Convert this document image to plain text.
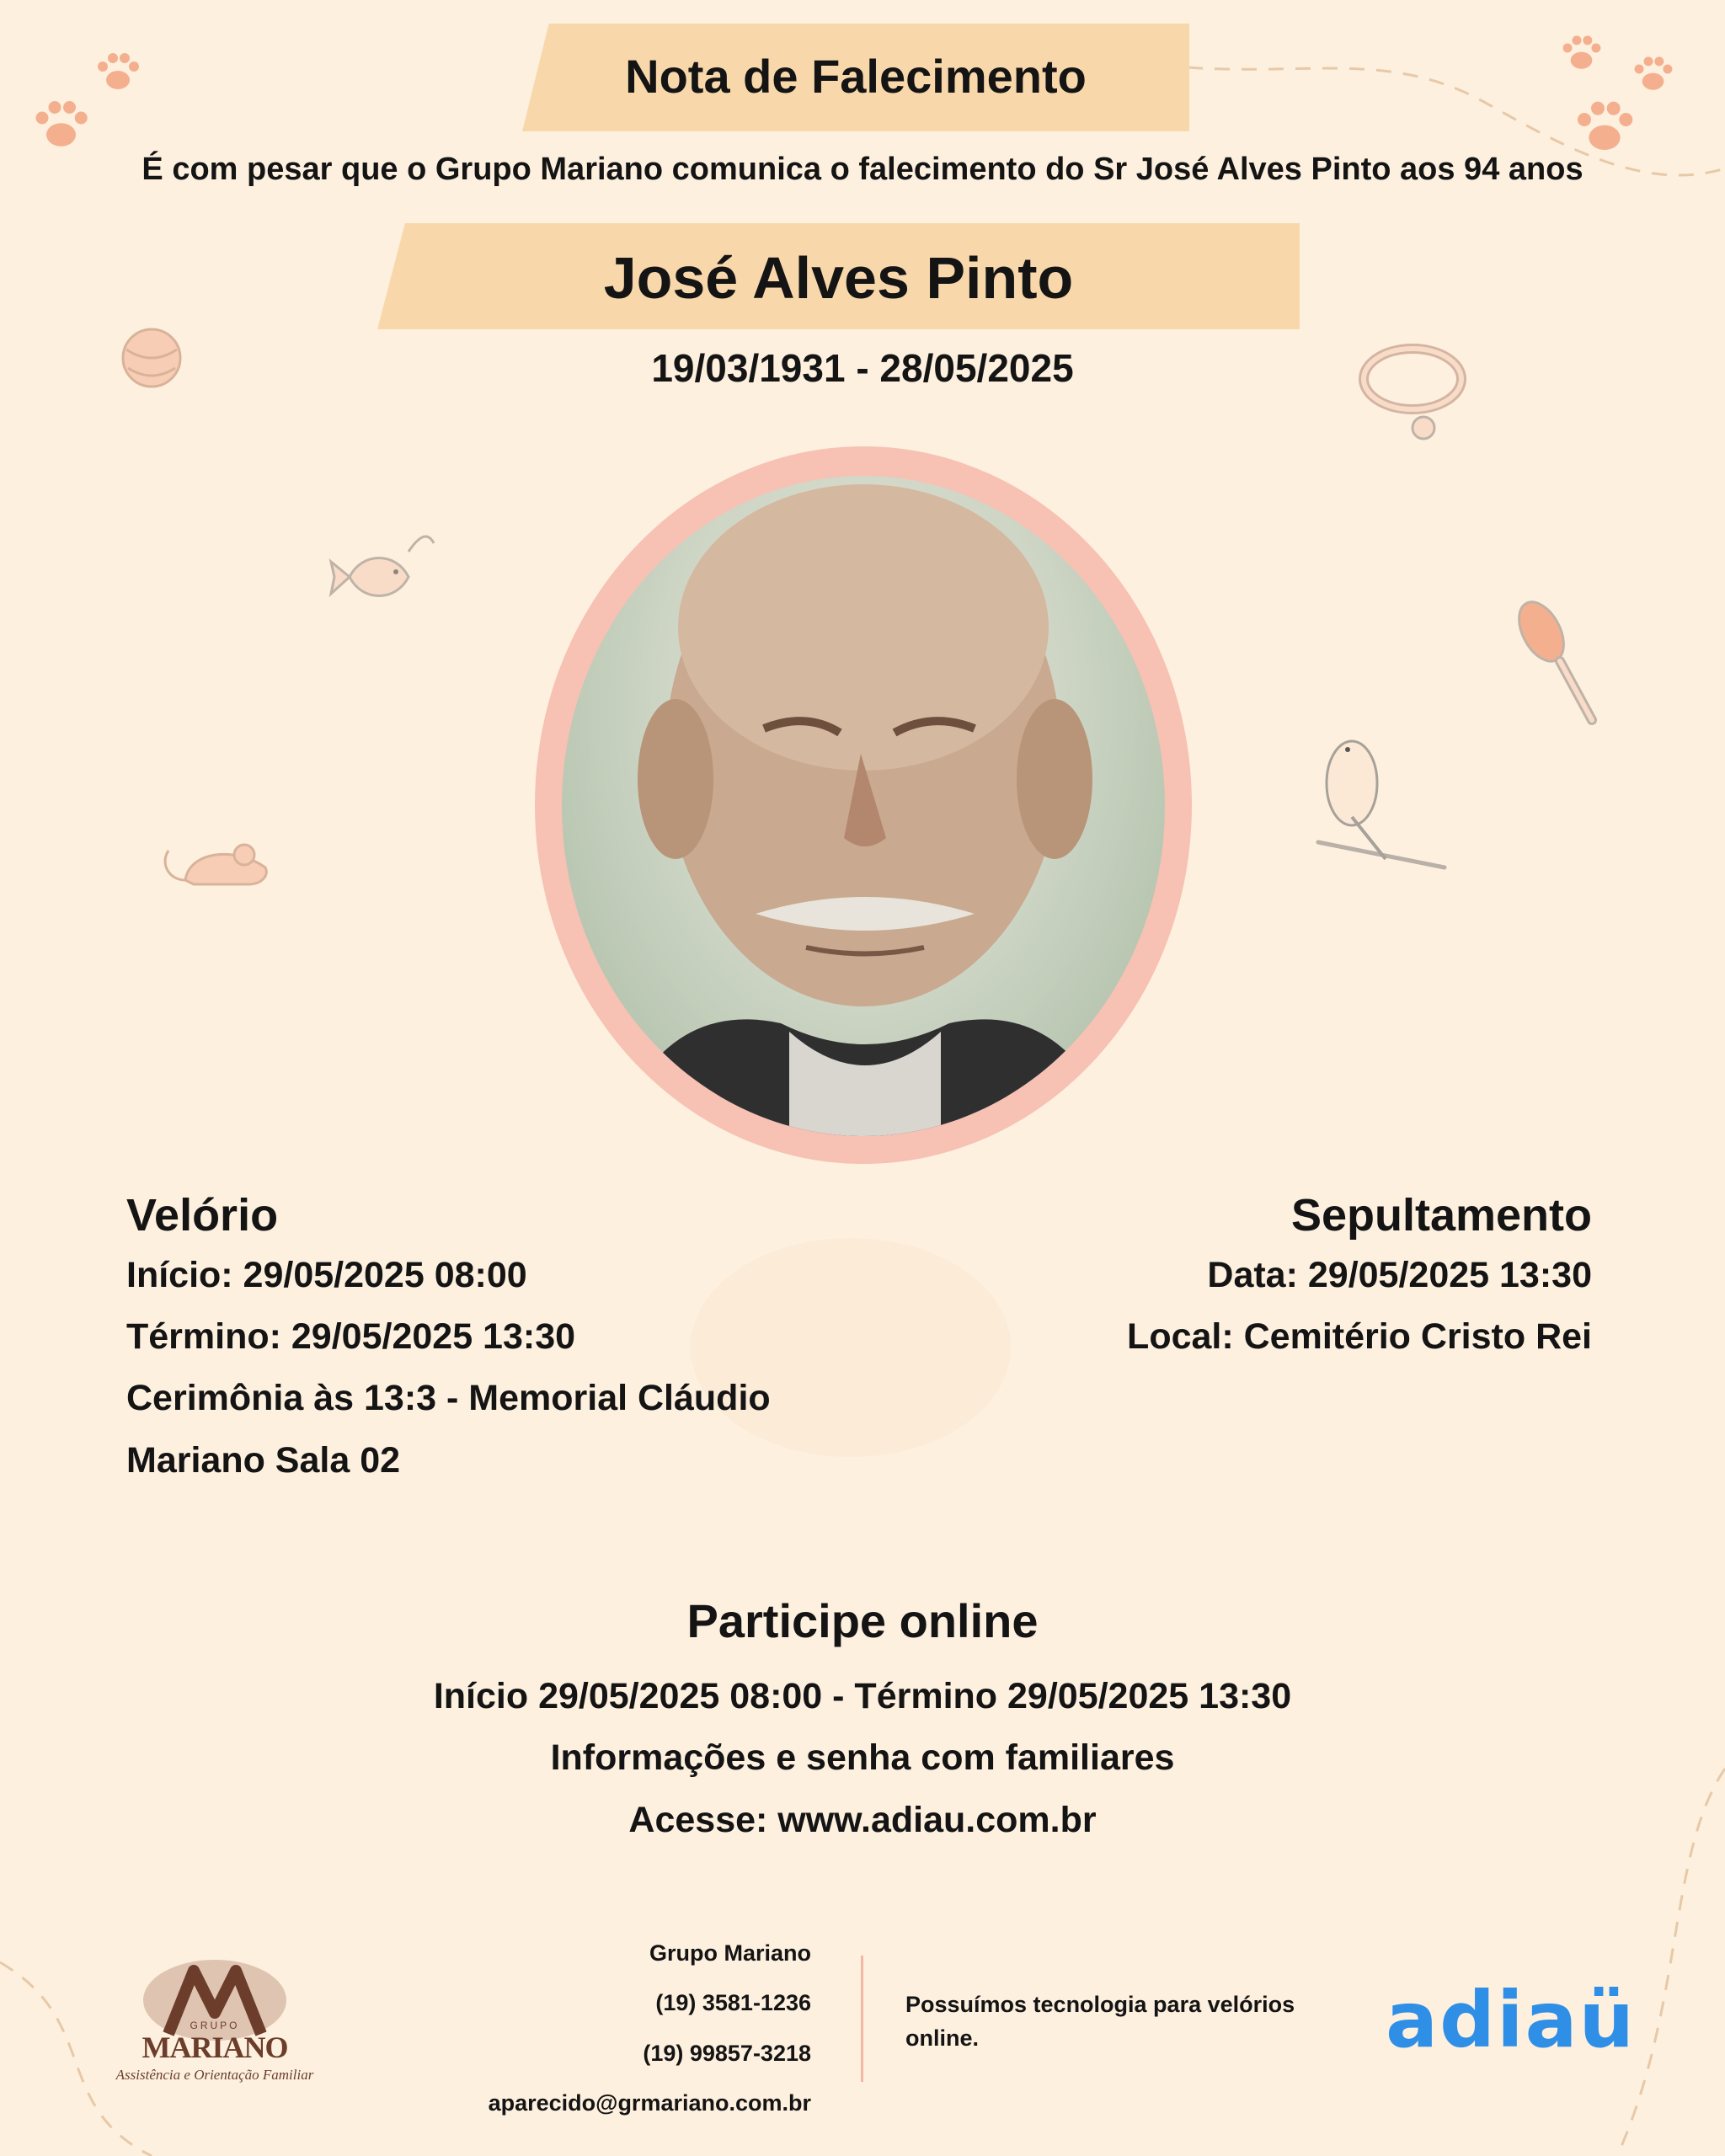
Nota de Falecimento
É com pesar que o Grupo Mariano comunica o falecimento do Sr José Alves Pinto aos 94 anos
José Alves Pinto
19/03/1931 - 28/05/2025
Velório
Início: 29/05/2025 08:00
Término: 29/05/2025 13:30
Cerimônia às 13:3 - Memorial Cláudio
Mariano Sala 02
Sepultamento
Data: 29/05/2025 13:30
Local: Cemitério Cristo Rei
Participe online
Início 29/05/2025 08:00 - Término 29/05/2025 13:30
Informações e senha com familiares
Acesse: www.adiau.com.br
GRUPO
MARIANO
Assistência e Orientação Familiar
Grupo Mariano
(19) 3581-1236
(19) 99857-3218
aparecido@grmariano.com.br
Possuímos tecnologia para velórios
online.	adiaü
